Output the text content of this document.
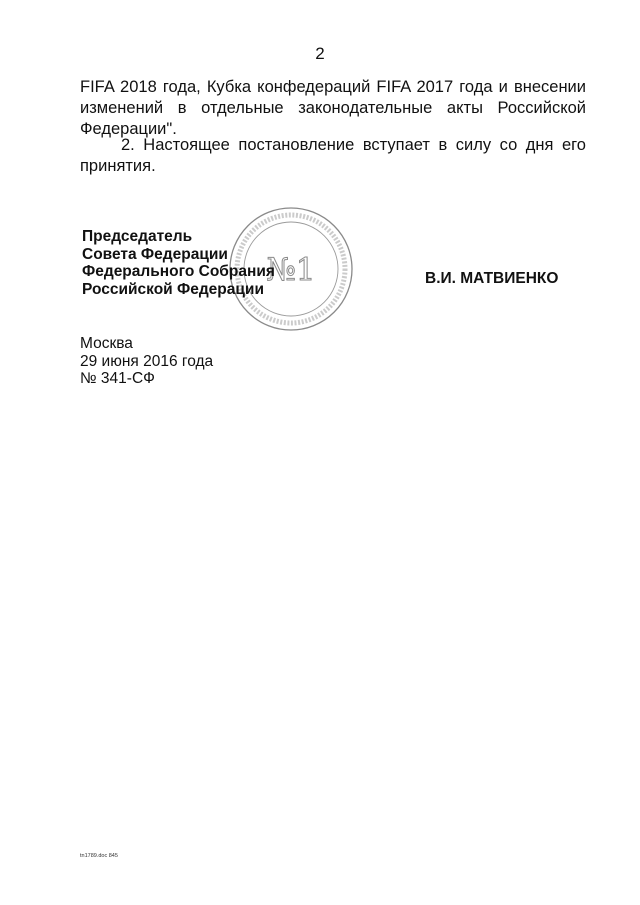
2
FIFA 2018 года, Кубка конфедераций FIFA 2017 года и внесении
изменений в отдельные законодательные акты Российской
Федерации".
2. Настоящее постановление вступает в силу со дня его
принятия.
№1
Председатель
Совета Федерации
Федерального Собрания
Российской Федерации
В.И. МАТВИЕНКО
Москва
29 июня 2016 года
№ 341-СФ
tn1789.doc 845
